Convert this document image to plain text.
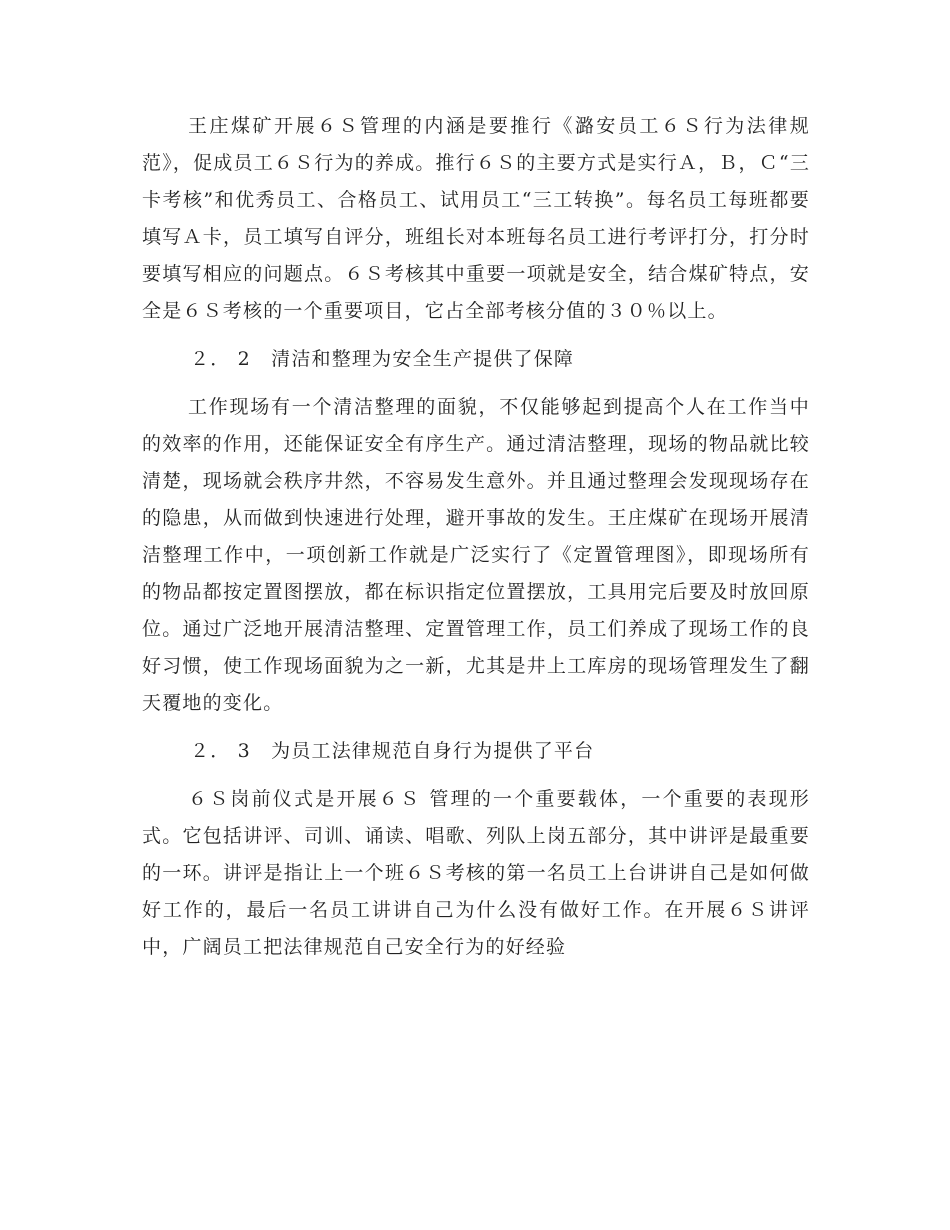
王庄煤矿开展６Ｓ管理的内涵是要推行《潞安员工６Ｓ行为法律规范》，促成员工６Ｓ行为的养成。推行６Ｓ的主要方式是实行Ａ，Ｂ，Ｃ“三卡考核”和优秀员工、合格员工、试用员工“三工转换”。每名员工每班都要填写Ａ卡，员工填写自评分，班组长对本班每名员工进行考评打分，打分时要填写相应的问题点。６Ｓ考核其中重要一项就是安全，结合煤矿特点，安全是６Ｓ考核的一个重要项目，它占全部考核分值的３０％以上。

２． 2　清洁和整理为安全生产提供了保障

工作现场有一个清洁整理的面貌，不仅能够起到提高个人在工作当中的效率的作用，还能保证安全有序生产。通过清洁整理，现场的物品就比较清楚，现场就会秩序井然，不容易发生意外。并且通过整理会发现现场存在的隐患，从而做到快速进行处理，避开事故的发生。王庄煤矿在现场开展清洁整理工作中，一项创新工作就是广泛实行了《定置管理图》，即现场所有的物品都按定置图摆放，都在标识指定位置摆放，工具用完后要及时放回原位。通过广泛地开展清洁整理、定置管理工作，员工们养成了现场工作的良好习惯，使工作现场面貌为之一新，尤其是井上工库房的现场管理发生了翻天覆地的变化。

２． 3　为员工法律规范自身行为提供了平台

６Ｓ岗前仪式是开展６Ｓ 管理的一个重要载体，一个重要的表现形式。它包括讲评、司训、诵读、唱歌、列队上岗五部分，其中讲评是最重要的一环。讲评是指让上一个班６Ｓ考核的第一名员工上台讲讲自己是如何做好工作的，最后一名员工讲讲自己为什么没有做好工作。在开展６Ｓ讲评中，广阔员工把法律规范自己安全行为的好经验
